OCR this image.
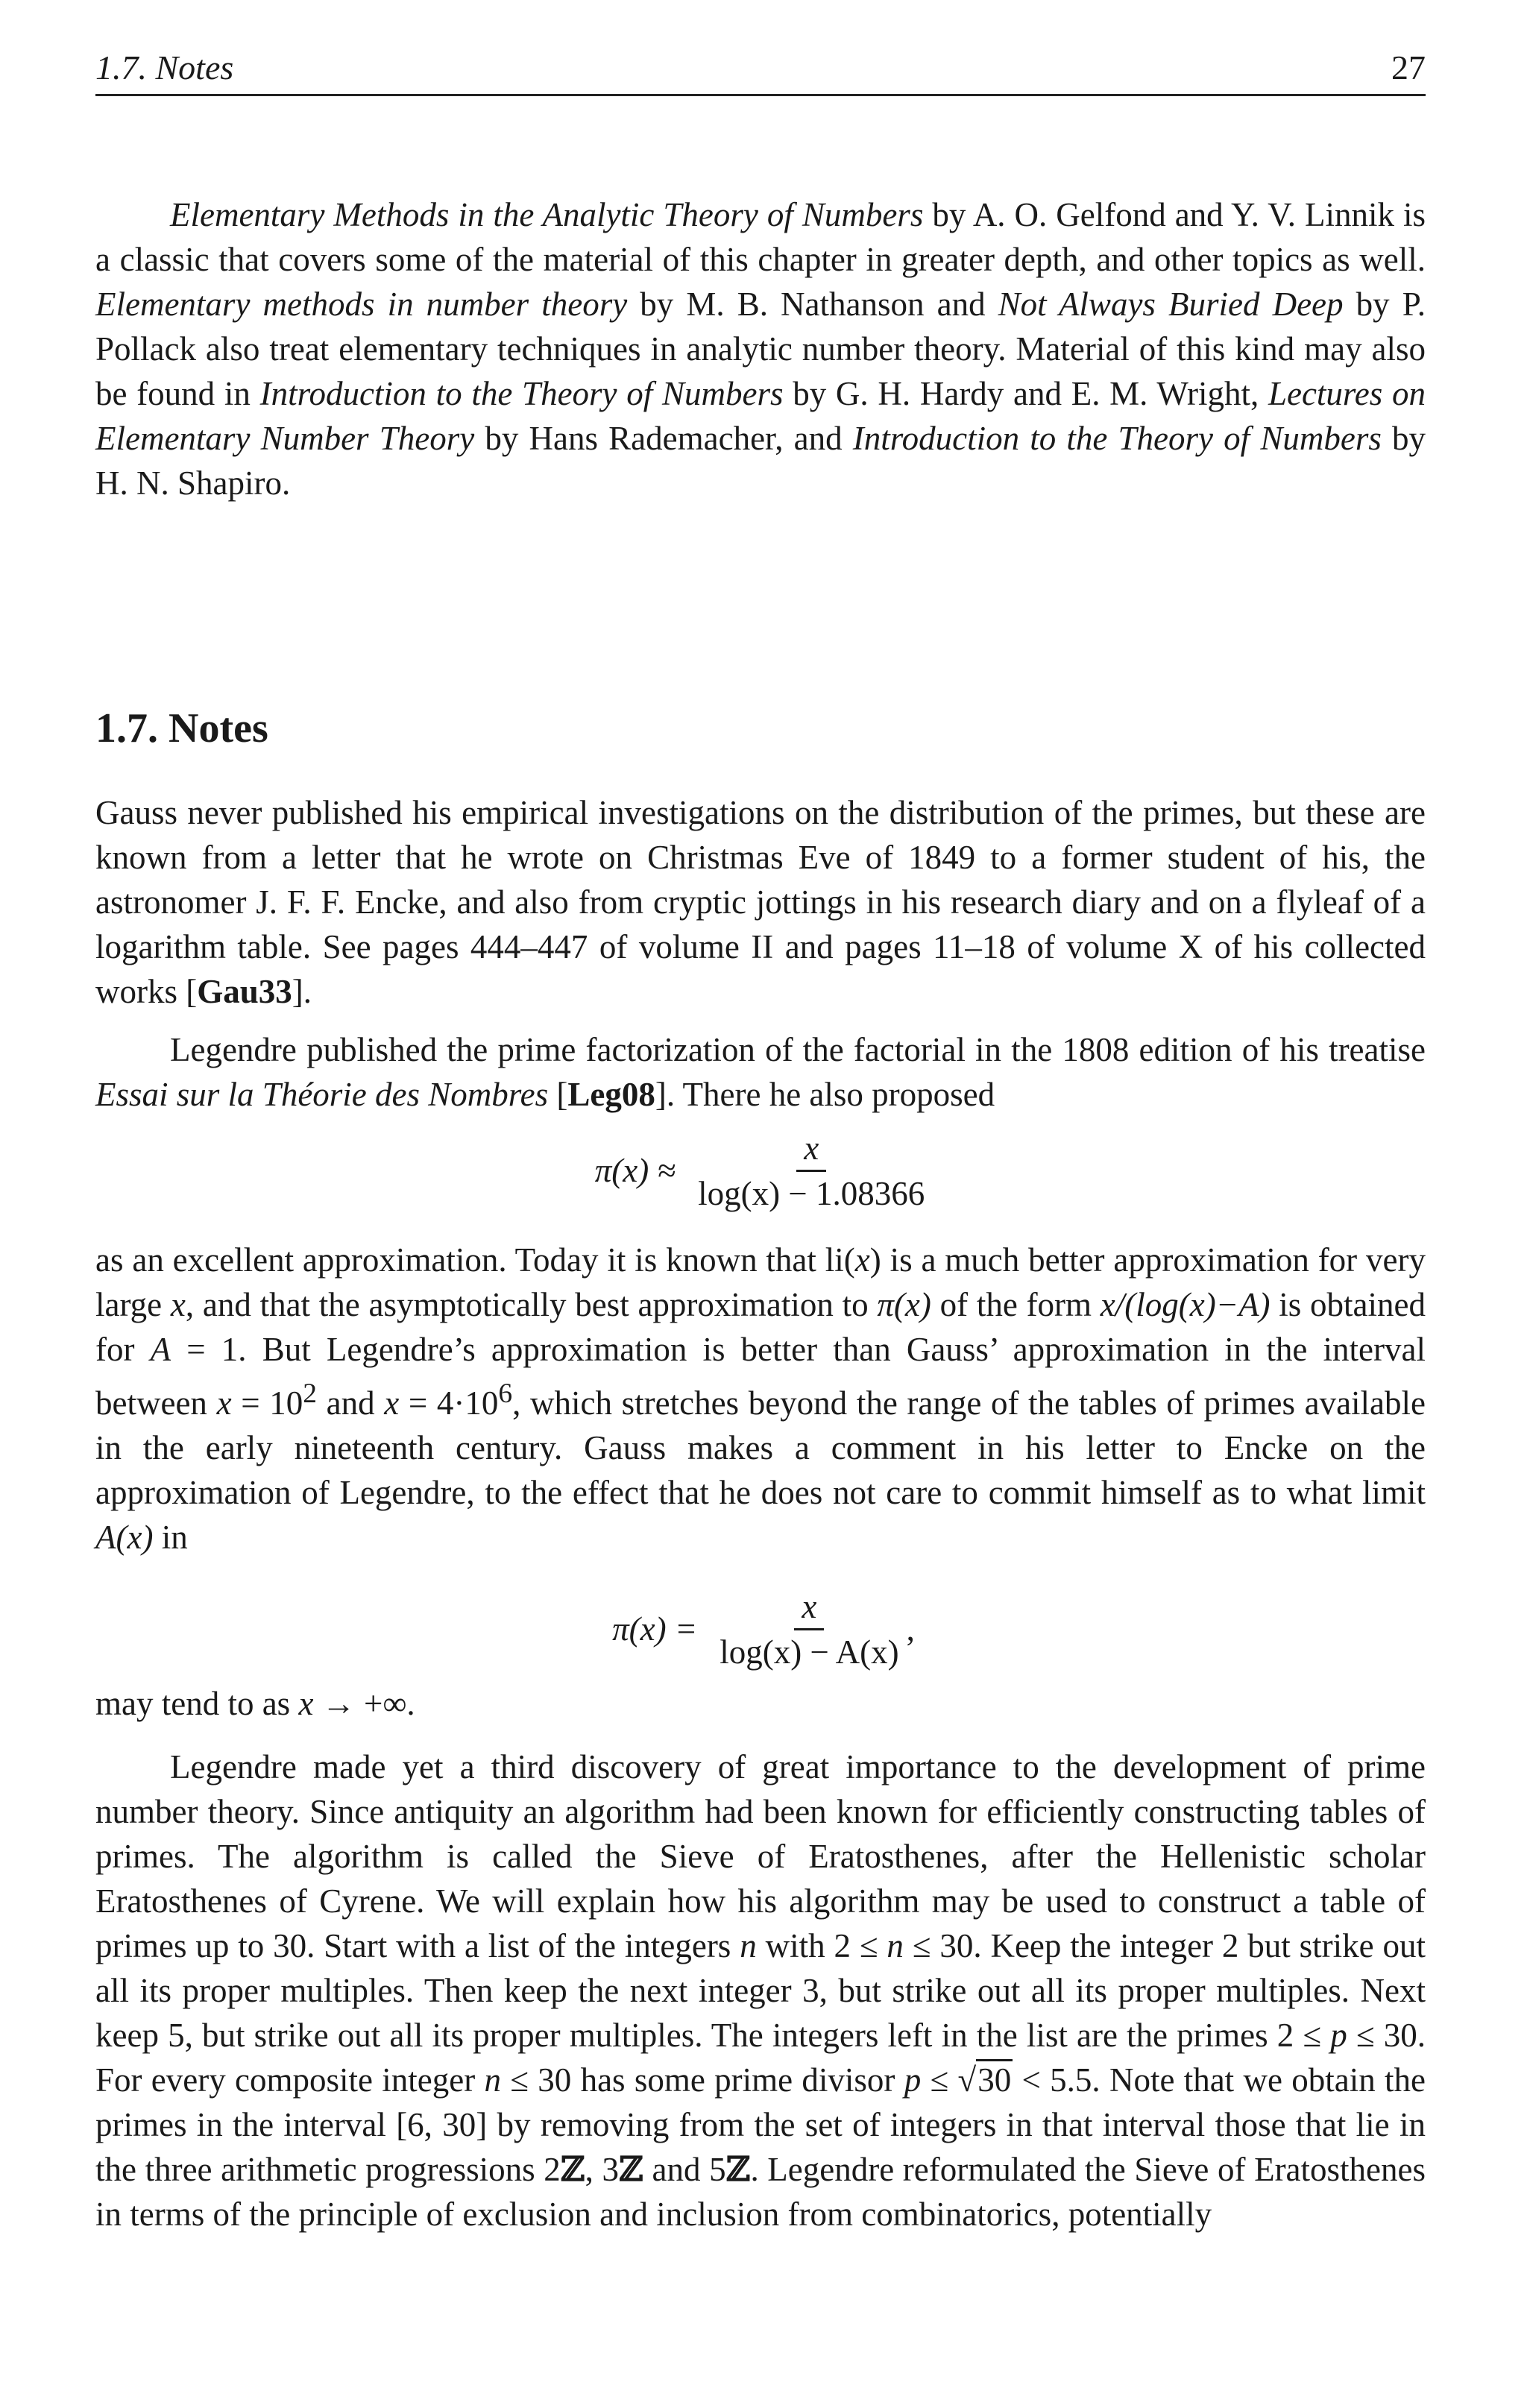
1.7. Notes	27

Elementary Methods in the Analytic Theory of Numbers by A. O. Gelfond and Y. V. Linnik is a classic that covers some of the material of this chapter in greater depth, and other topics as well. Elementary methods in number theory by M. B. Nathanson and Not Always Buried Deep by P. Pollack also treat elementary techniques in analytic number theory. Material of this kind may also be found in Introduction to the Theory of Numbers by G. H. Hardy and E. M. Wright, Lectures on Elementary Number Theory by Hans Rademacher, and Introduction to the Theory of Numbers by H. N. Shapiro.

1.7. Notes

Gauss never published his empirical investigations on the distribution of the primes, but these are known from a letter that he wrote on Christmas Eve of 1849 to a former student of his, the astronomer J. F. F. Encke, and also from cryptic jottings in his research diary and on a flyleaf of a logarithm table. See pages 444–447 of volume II and pages 11–18 of volume X of his collected works [Gau33].

Legendre published the prime factorization of the factorial in the 1808 edition of his treatise Essai sur la Théorie des Nombres [Leg08]. There he also proposed

$\pi(x) \approx \frac{x}{\log(x) - 1.08366}$

as an excellent approximation. Today it is known that li(x) is a much better approximation for very large x, and that the asymptotically best approximation to π(x) of the form x/(log(x)−A) is obtained for A = 1. But Legendre’s approximation is better than Gauss’ approximation in the interval between $x = 10^2$ and $x = 4\cdot 10^6$, which stretches beyond the range of the tables of primes available in the early nineteenth century. Gauss makes a comment in his letter to Encke on the approximation of Legendre, to the effect that he does not care to commit himself as to what limit A(x) in

$\pi(x) = \frac{x}{\log(x) - A(x)}$ ,

may tend to as x → +∞.

Legendre made yet a third discovery of great importance to the development of prime number theory. Since antiquity an algorithm had been known for efficiently constructing tables of primes. The algorithm is called the Sieve of Eratosthenes, after the Hellenistic scholar Eratosthenes of Cyrene. We will explain how his algorithm may be used to construct a table of primes up to 30. Start with a list of the integers n with 2 ≤ n ≤ 30. Keep the integer 2 but strike out all its proper multiples. Then keep the next integer 3, but strike out all its proper multiples. Next keep 5, but strike out all its proper multiples. The integers left in the list are the primes 2 ≤ p ≤ 30. For every composite integer n ≤ 30 has some prime divisor p ≤ √30 < 5.5. Note that we obtain the primes in the interval [6, 30] by removing from the set of integers in that interval those that lie in the three arithmetic progressions 2ℤ, 3ℤ and 5ℤ. Legendre reformulated the Sieve of Eratosthenes in terms of the principle of exclusion and inclusion from combinatorics, potentially
